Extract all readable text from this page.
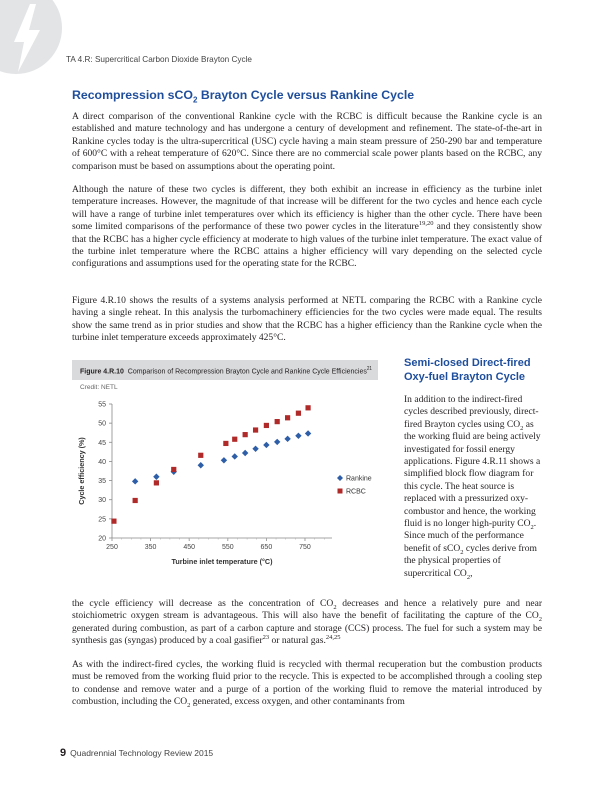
TA 4.R: Supercritical Carbon Dioxide Brayton Cycle
Recompression sCO$_2$ Brayton Cycle versus Rankine Cycle

A direct comparison of the conventional Rankine cycle with the RCBC is difficult because the Rankine cycle is an established and mature technology and has undergone a century of development and refinement. The state-of-the-art in Rankine cycles today is the ultra-supercritical (USC) cycle having a main steam pressure of 250-290 bar and temperature of 600°C with a reheat temperature of 620°C. Since there are no commercial scale power plants based on the RCBC, any comparison must be based on assumptions about the operating point.

Although the nature of these two cycles is different, they both exhibit an increase in efficiency as the turbine inlet temperature increases. However, the magnitude of that increase will be different for the two cycles and hence each cycle will have a range of turbine inlet temperatures over which its efficiency is higher than the other cycle. There have been some limited comparisons of the performance of these two power cycles in the literature$^{19,20}$ and they consistently show that the RCBC has a higher cycle efficiency at moderate to high values of the turbine inlet temperature. The exact value of the turbine inlet temperature where the RCBC attains a higher efficiency will vary depending on the selected cycle configurations and assumptions used for the operating state for the RCBC.

Figure 4.R.10 shows the results of a systems analysis performed at NETL comparing the RCBC with a Rankine cycle having a single reheat. In this analysis the turbomachinery efficiencies for the two cycles were made equal. The results show the same trend as in prior studies and show that the RCBC has a higher efficiency than the Rankine cycle when the turbine inlet temperature exceeds approximately 425°C.

Figure 4.R.10 Comparison of Recompression Brayton Cycle and Rankine Cycle Efficiencies$^{21}$
Credit: NETL
20
25
30
35
40
45
50
55
250	350	450	550	650	750
Turbine inlet temperature (°C)
Cycle efficiency (%)	Rankine
RCBC
Semi-closed Direct-fired Oxy-fuel Brayton Cycle

In addition to the indirect-fired cycles described previously, direct-fired Brayton cycles using $CO_2$ as the working fluid are being actively investigated for fossil energy applications. Figure 4.R.11 shows a simplified block flow diagram for this cycle. The heat source is replaced with a pressurized oxy-combustor and hence, the working fluid is no longer high-purity $CO_2$. Since much of the performance benefit of sCO$_2$ cycles derive from the physical properties of supercritical $CO_2$,

the cycle efficiency will decrease as the concentration of $CO_2$ decreases and hence a relatively pure and near stoichiometric oxygen stream is advantageous. This will also have the benefit of facilitating the capture of the $CO_2$ generated during combustion, as part of a carbon capture and storage (CCS) process. The fuel for such a system may be synthesis gas (syngas) produced by a coal gasifier$^{23}$ or natural gas.$^{24,25}$

As with the indirect-fired cycles, the working fluid is recycled with thermal recuperation but the combustion products must be removed from the working fluid prior to the recycle. This is expected to be accomplished through a cooling step to condense and remove water and a purge of a portion of the working fluid to remove the material introduced by combustion, including the $CO_2$ generated, excess oxygen, and other contaminants from

9 Quadrennial Technology Review 2015
